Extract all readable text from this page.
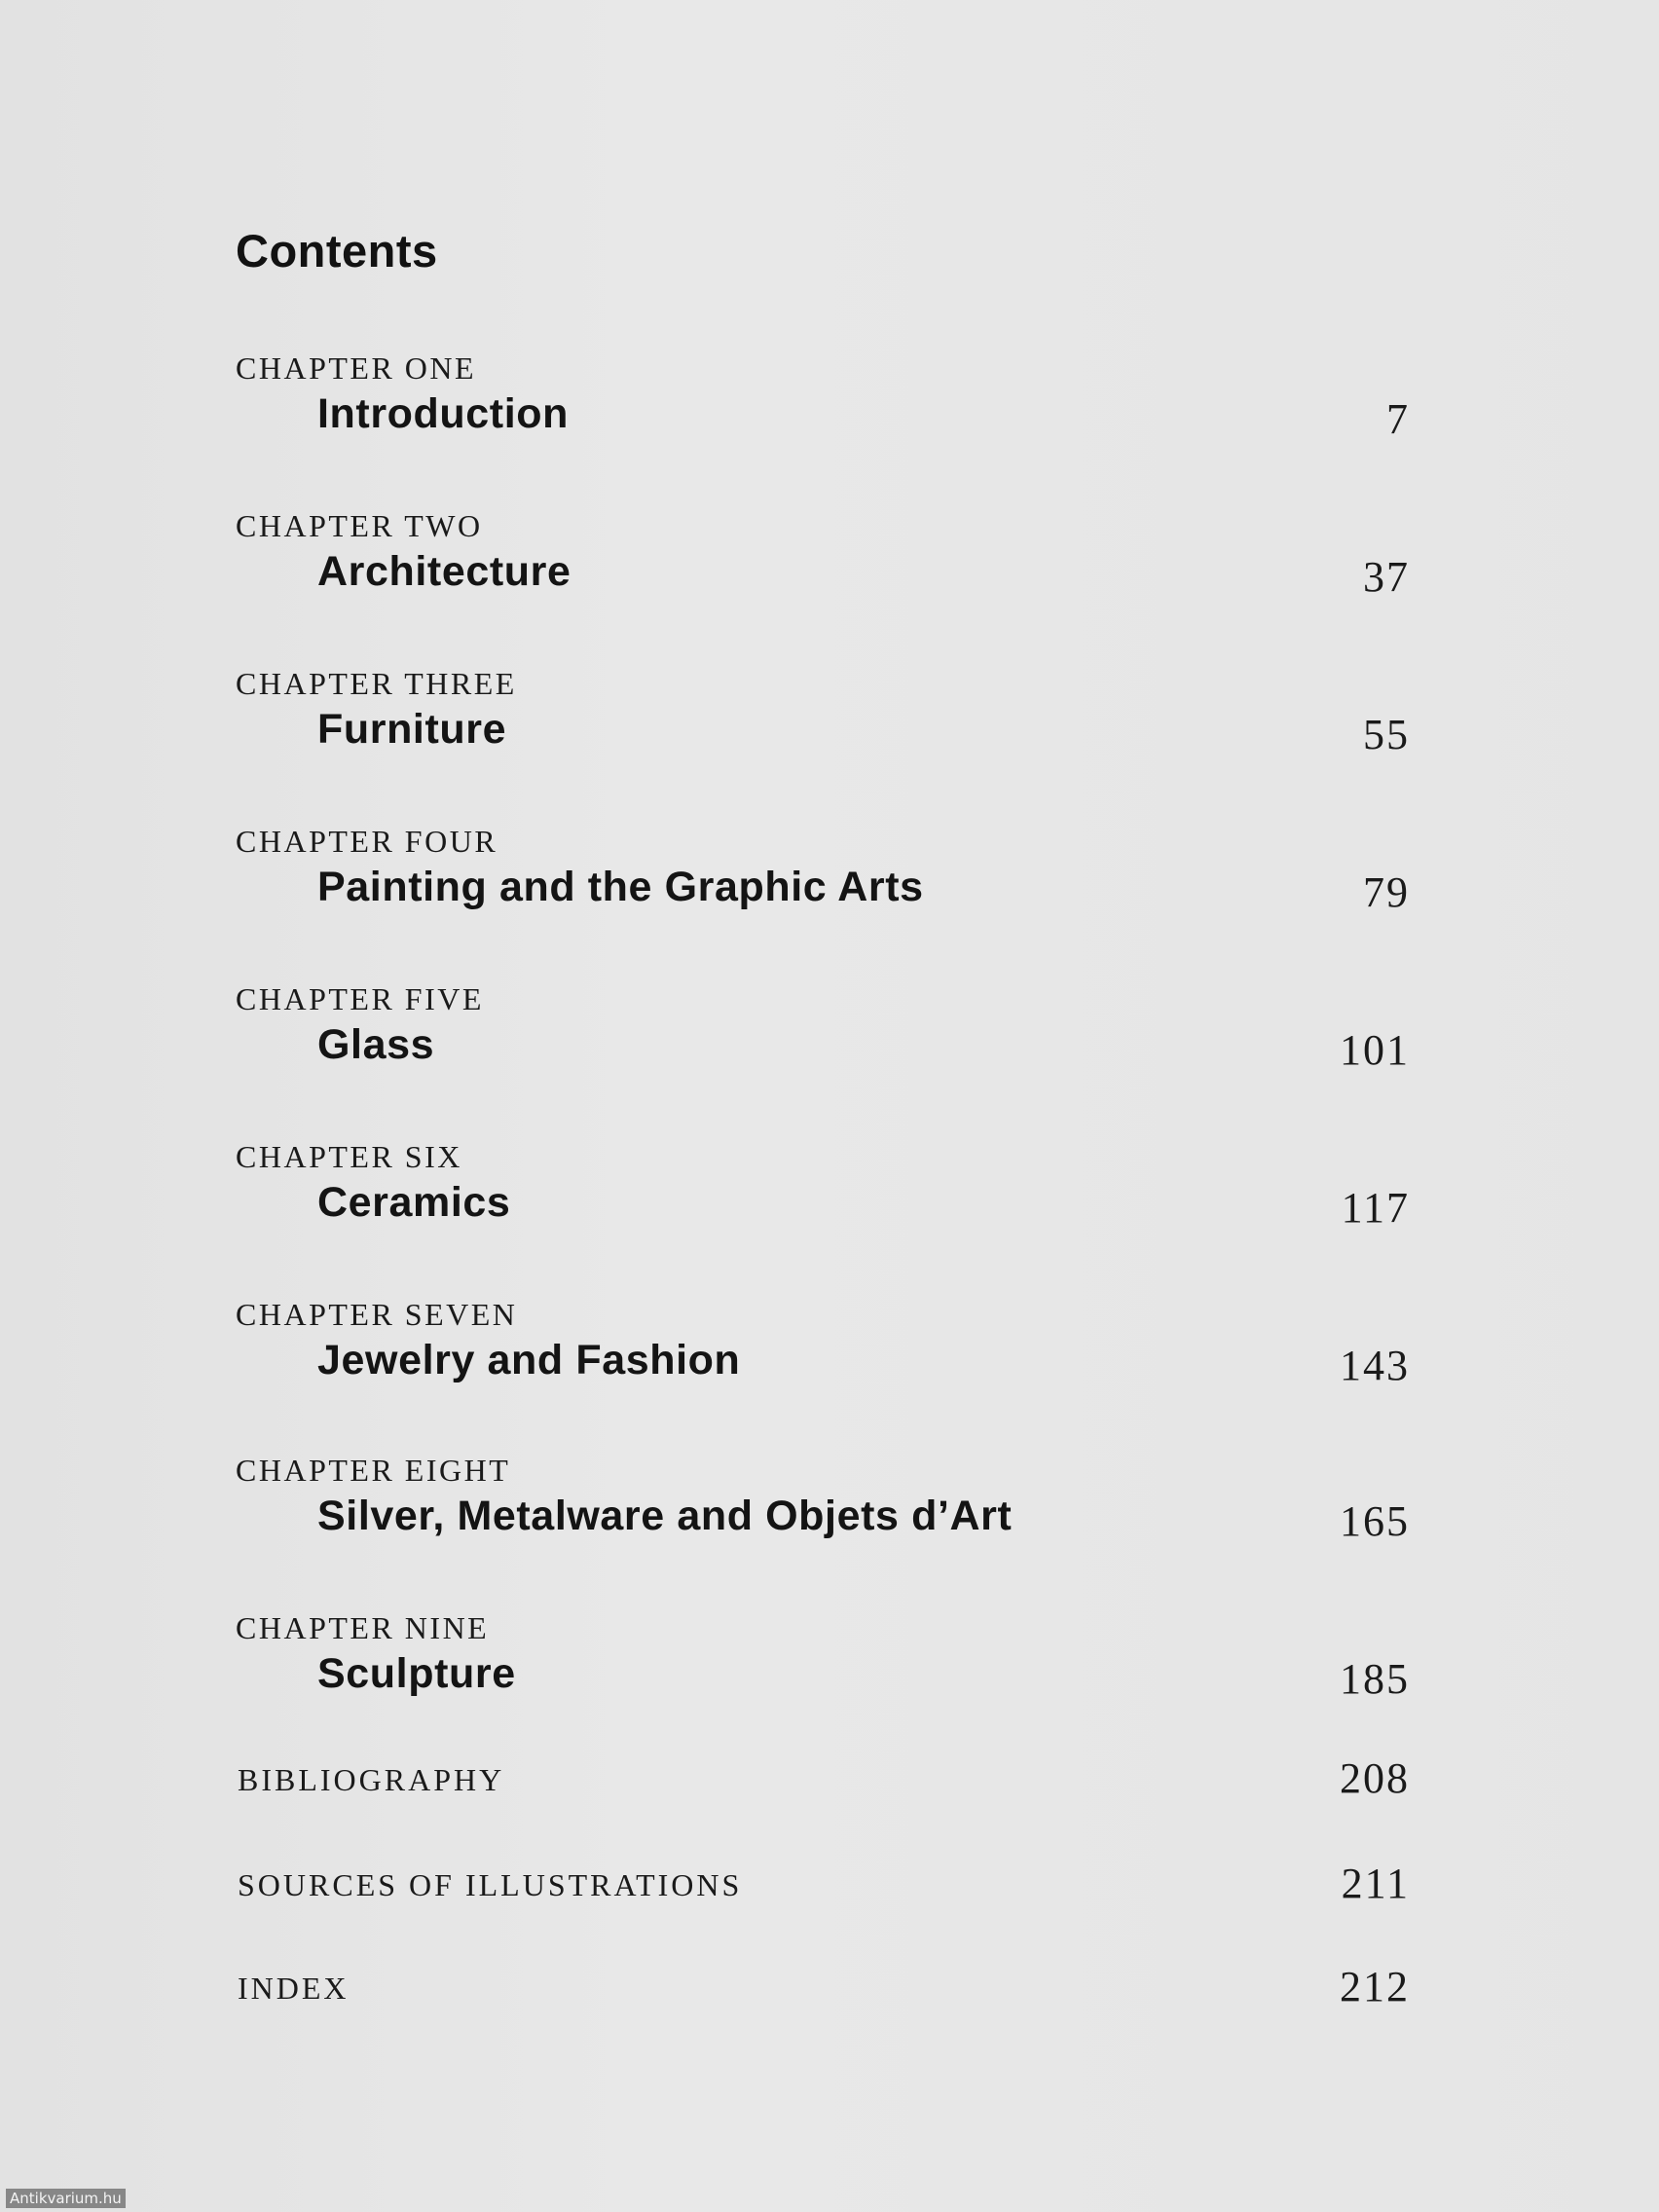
Contents
CHAPTER ONE
Introduction	7
CHAPTER TWO
Architecture	37
CHAPTER THREE
Furniture	55
CHAPTER FOUR
Painting and the Graphic Arts	79
CHAPTER FIVE
Glass	101
CHAPTER SIX
Ceramics	117
CHAPTER SEVEN
Jewelry and Fashion	143
CHAPTER EIGHT
Silver, Metalware and Objets d’Art	165
CHAPTER NINE
Sculpture	185
BIBLIOGRAPHY	208
SOURCES OF ILLUSTRATIONS	211
INDEX	212
Antikvarium.hu
